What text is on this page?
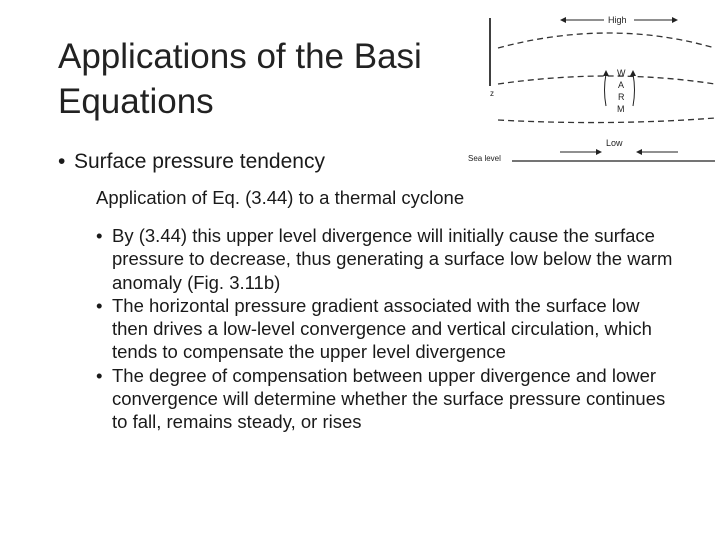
Applications of the Basi
Equations	z
High
W
A
R
M
Low
Sea level
• Surface pressure tendency
Application of Eq. (3.44) to a thermal cyclone
• By (3.44) this upper level divergence will initially cause the surface pressure to decrease, thus generating a surface low below the warm anomaly (Fig. 3.11b)
• The horizontal pressure gradient associated with the surface low then drives a low-level convergence and vertical circulation, which tends to compensate the upper level divergence
• The degree of compensation between upper divergence and lower convergence will determine whether the surface pressure continues to fall, remains steady, or rises
